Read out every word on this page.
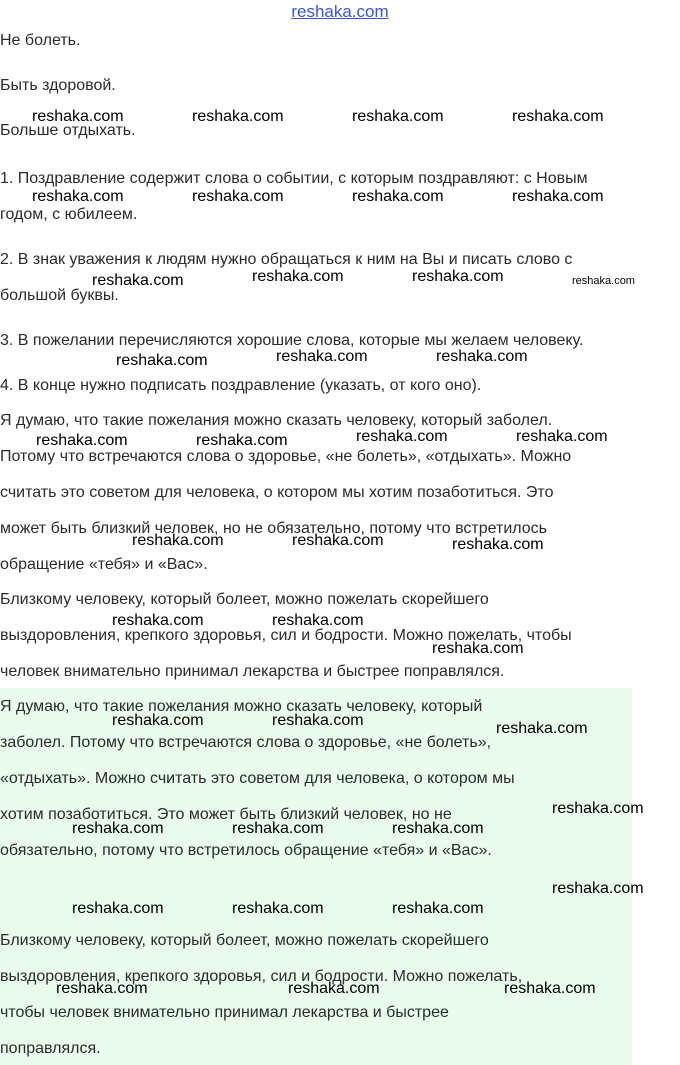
reshaka.com
Не болеть.
Быть здоровой.
Больше отдыхать.
1. Поздравление содержит слова о событии, с которым поздравляют: с Новым
годом, с юбилеем.
2. В знак уважения к людям нужно обращаться к ним на Вы и писать слово с
большой буквы.
3. В пожелании перечисляются хорошие слова, которые мы желаем человеку.
4. В конце нужно подписать поздравление (указать, от кого оно).
Я думаю, что такие пожелания можно сказать человеку, который заболел.
Потому что встречаются слова о здоровье, «не болеть», «отдыхать». Можно
считать это советом для человека, о котором мы хотим позаботиться. Это
может быть близкий человек, но не обязательно, потому что встретилось
обращение «тебя» и «Вас».
Близкому человеку, который болеет, можно пожелать скорейшего
выздоровления, крепкого здоровья, сил и бодрости. Можно пожелать, чтобы
человек внимательно принимал лекарства и быстрее поправлялся.
Я думаю, что такие пожелания можно сказать человеку, который
заболел. Потому что встречаются слова о здоровье, «не болеть»,
«отдыхать». Можно считать это советом для человека, о котором мы
хотим позаботиться. Это может быть близкий человек, но не
обязательно, потому что встретилось обращение «тебя» и «Вас».
Близкому человеку, который болеет, можно пожелать скорейшего
выздоровления, крепкого здоровья, сил и бодрости. Можно пожелать,
чтобы человек внимательно принимал лекарства и быстрее
поправлялся.
reshaka.com	reshaka.com	reshaka.com	reshaka.com
reshaka.com	reshaka.com	reshaka.com	reshaka.com
reshaka.com	reshaka.com	reshaka.com	reshaka.com
reshaka.com	reshaka.com	reshaka.com
reshaka.com	reshaka.com	reshaka.com	reshaka.com
reshaka.com	reshaka.com	reshaka.com
reshaka.com	reshaka.com
reshaka.com
reshaka.com	reshaka.com	reshaka.com
reshaka.com
reshaka.com	reshaka.com	reshaka.com
reshaka.com
reshaka.com	reshaka.com	reshaka.com
reshaka.com	reshaka.com	reshaka.com
